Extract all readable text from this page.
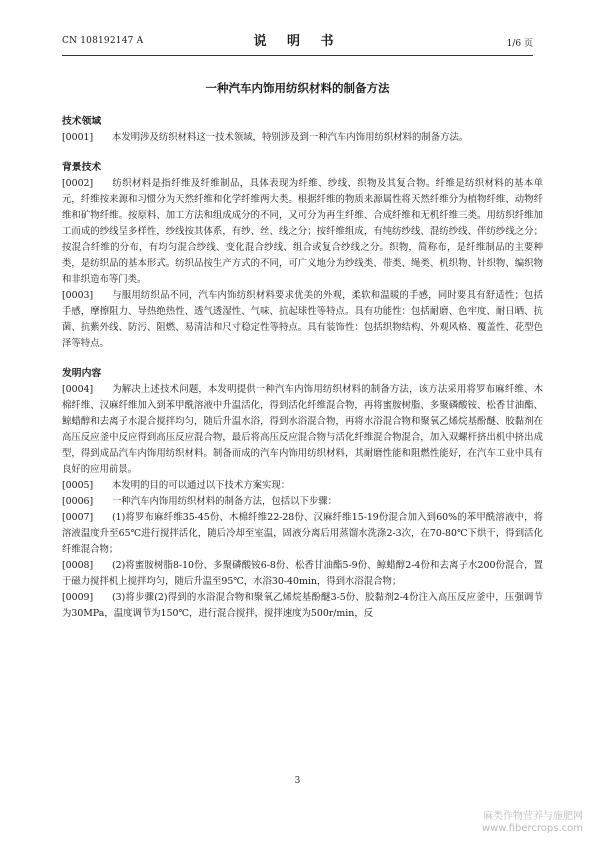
CN 108192147 A	说 明 书	1/6 页
一种汽车内饰用纺织材料的制备方法

技术领域

[0001] 本发明涉及纺织材料这一技术领域，特别涉及到一种汽车内饰用纺织材料的制备方法。

背景技术

[0002] 纺织材料是指纤维及纤维制品，具体表现为纤维、纱线、织物及其复合物。纤维是纺织材料的基本单元，纤维按来源和习惯分为天然纤维和化学纤维两大类。根据纤维的物质来源属性将天然纤维分为植物纤维、动物纤维和矿物纤维。按原料、加工方法和组成成分的不同，又可分为再生纤维、合成纤维和无机纤维三类。用纺织纤维加工而成的纱线呈多样性，纱线按其体系，有纱、丝、线之分；按纤维组成，有纯纺纱线、混纺纱线、伴纺纱线之分；按混合纤维的分布，有均匀混合纱线、变化混合纱线、组合或复合纱线之分。织物，简称布，是纤维制品的主要种类，是纺织品的基本形式。纺织品按生产方式的不同，可广义地分为纱线类、带类、绳类、机织物、针织物、编织物和非织造布等门类。

[0003] 与服用纺织品不同，汽车内饰纺织材料要求优美的外观，柔软和温暖的手感，同时要具有舒适性；包括手感，摩擦阻力、导热绝热性、透气透湿性、气味、抗起球性等特点。具有功能性：包括耐磨、色牢度、耐日晒、抗菌、抗紫外线、防污、阻燃、易清洁和尺寸稳定性等特点。具有装饰性：包括织物结构、外观风格、覆盖性、花型色泽等特点。

发明内容

[0004] 为解决上述技术问题，本发明提供一种汽车内饰用纺织材料的制备方法，该方法采用将罗布麻纤维、木棉纤维、汉麻纤维加入到苯甲酰溶液中升温活化，得到活化纤维混合物，再将蜜胺树脂、多聚磷酸铵、松香甘油酯、鲸蜡醇和去离子水混合搅拌均匀，随后升温水浴，得到水浴混合物，再将水浴混合物和聚氧乙烯烷基酚醚、胶黏剂在高压反应釜中反应得到高压反应混合物，最后将高压反应混合物与活化纤维混合物混合，加入双螺杆挤出机中挤出成型，得到成品汽车内饰用纺织材料。制备而成的汽车内饰用纺织材料，其耐磨性能和阻燃性能好，在汽车工业中具有良好的应用前景。

[0005] 本发明的目的可以通过以下技术方案实现：

[0006] 一种汽车内饰用纺织材料的制备方法，包括以下步骤：

[0007] (1)将罗布麻纤维35-45份、木棉纤维22-28份、汉麻纤维15-19份混合加入到60%的苯甲酰溶液中，将溶液温度升至65℃进行搅拌活化，随后冷却至室温，固液分离后用蒸馏水洗涤2-3次，在70-80℃下烘干，得到活化纤维混合物；

[0008] (2)将蜜胺树脂8-10份、多聚磷酸铵6-8份、松香甘油酯5-9份、鲸蜡醇2-4份和去离子水200份混合，置于磁力搅拌机上搅拌均匀，随后升温至95℃，水浴30-40min，得到水浴混合物；

[0009] (3)将步骤(2)得到的水浴混合物和聚氧乙烯烷基酚醚3-5份、胶黏剂2-4份注入高压反应釜中，压强调节为30MPa，温度调节为150℃，进行混合搅拌，搅拌速度为500r/min，反

3
麻类作物营养与施肥网
www.fibercrops.com
